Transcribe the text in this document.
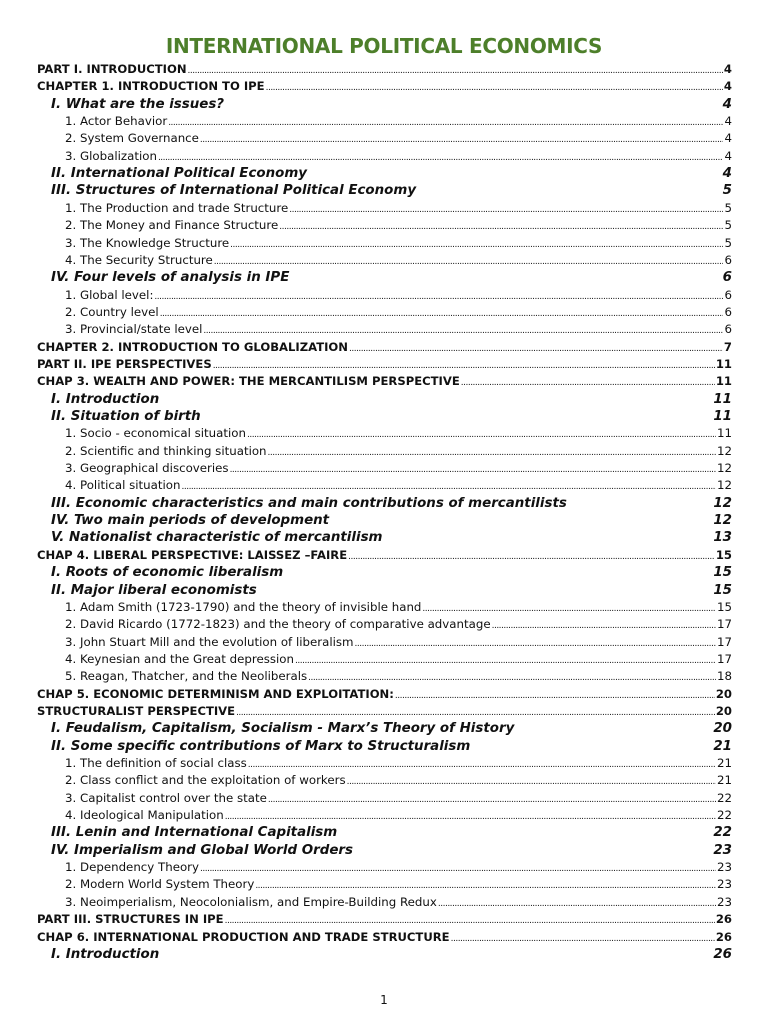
INTERNATIONAL POLITICAL ECONOMICS
PART I. INTRODUCTION .....	4
CHAPTER 1. INTRODUCTION TO IPE .....	4
I. What are the issues?	4
1. Actor Behavior .....	4
2. System Governance .....	4
3. Globalization .....	4
II. International Political Economy	4
III. Structures of International Political Economy	5
1. The Production and trade Structure .....	5
2. The Money and Finance Structure .....	5
3. The Knowledge Structure .....	5
4. The Security Structure .....	6
IV. Four levels of analysis in IPE	6
1. Global level: .....	6
2. Country level .....	6
3. Provincial/state level .....	6
CHAPTER 2. INTRODUCTION TO GLOBALIZATION .....	7
PART II. IPE PERSPECTIVES .....	11
CHAP 3. WEALTH AND POWER: THE MERCANTILISM PERSPECTIVE .....	11
I. Introduction	11
II. Situation of birth	11
1. Socio - economical situation .....	11
2. Scientific and thinking situation .....	12
3. Geographical discoveries .....	12
4. Political situation .....	12
III. Economic characteristics and main contributions of mercantilists	12
IV. Two main periods of development	12
V. Nationalist characteristic of mercantilism	13
CHAP 4. LIBERAL PERSPECTIVE: LAISSEZ –FAIRE .....	15
I. Roots of economic liberalism	15
II. Major liberal economists	15
1. Adam Smith (1723-1790) and the theory of invisible hand .....	15
2. David Ricardo (1772-1823) and the theory of comparative advantage .....	17
3. John Stuart Mill and the evolution of liberalism .....	17
4. Keynesian and the Great depression .....	17
5. Reagan, Thatcher, and the Neoliberals .....	18
CHAP 5. ECONOMIC DETERMINISM AND EXPLOITATION: .....	20
STRUCTURALIST PERSPECTIVE .....	20
I. Feudalism, Capitalism, Socialism - Marx’s Theory of History	20
II. Some specific contributions of Marx to Structuralism	21
1. The definition of social class .....	21
2. Class conflict and the exploitation of workers .....	21
3. Capitalist control over the state .....	22
4. Ideological Manipulation .....	22
III. Lenin and International Capitalism	22
IV. Imperialism and Global World Orders	23
1. Dependency Theory .....	23
2. Modern World System Theory .....	23
3. Neoimperialism, Neocolonialism, and Empire-Building Redux .....	23
PART III. STRUCTURES IN IPE .....	26
CHAP 6. INTERNATIONAL PRODUCTION AND TRADE STRUCTURE .....	26
I. Introduction	26
1
